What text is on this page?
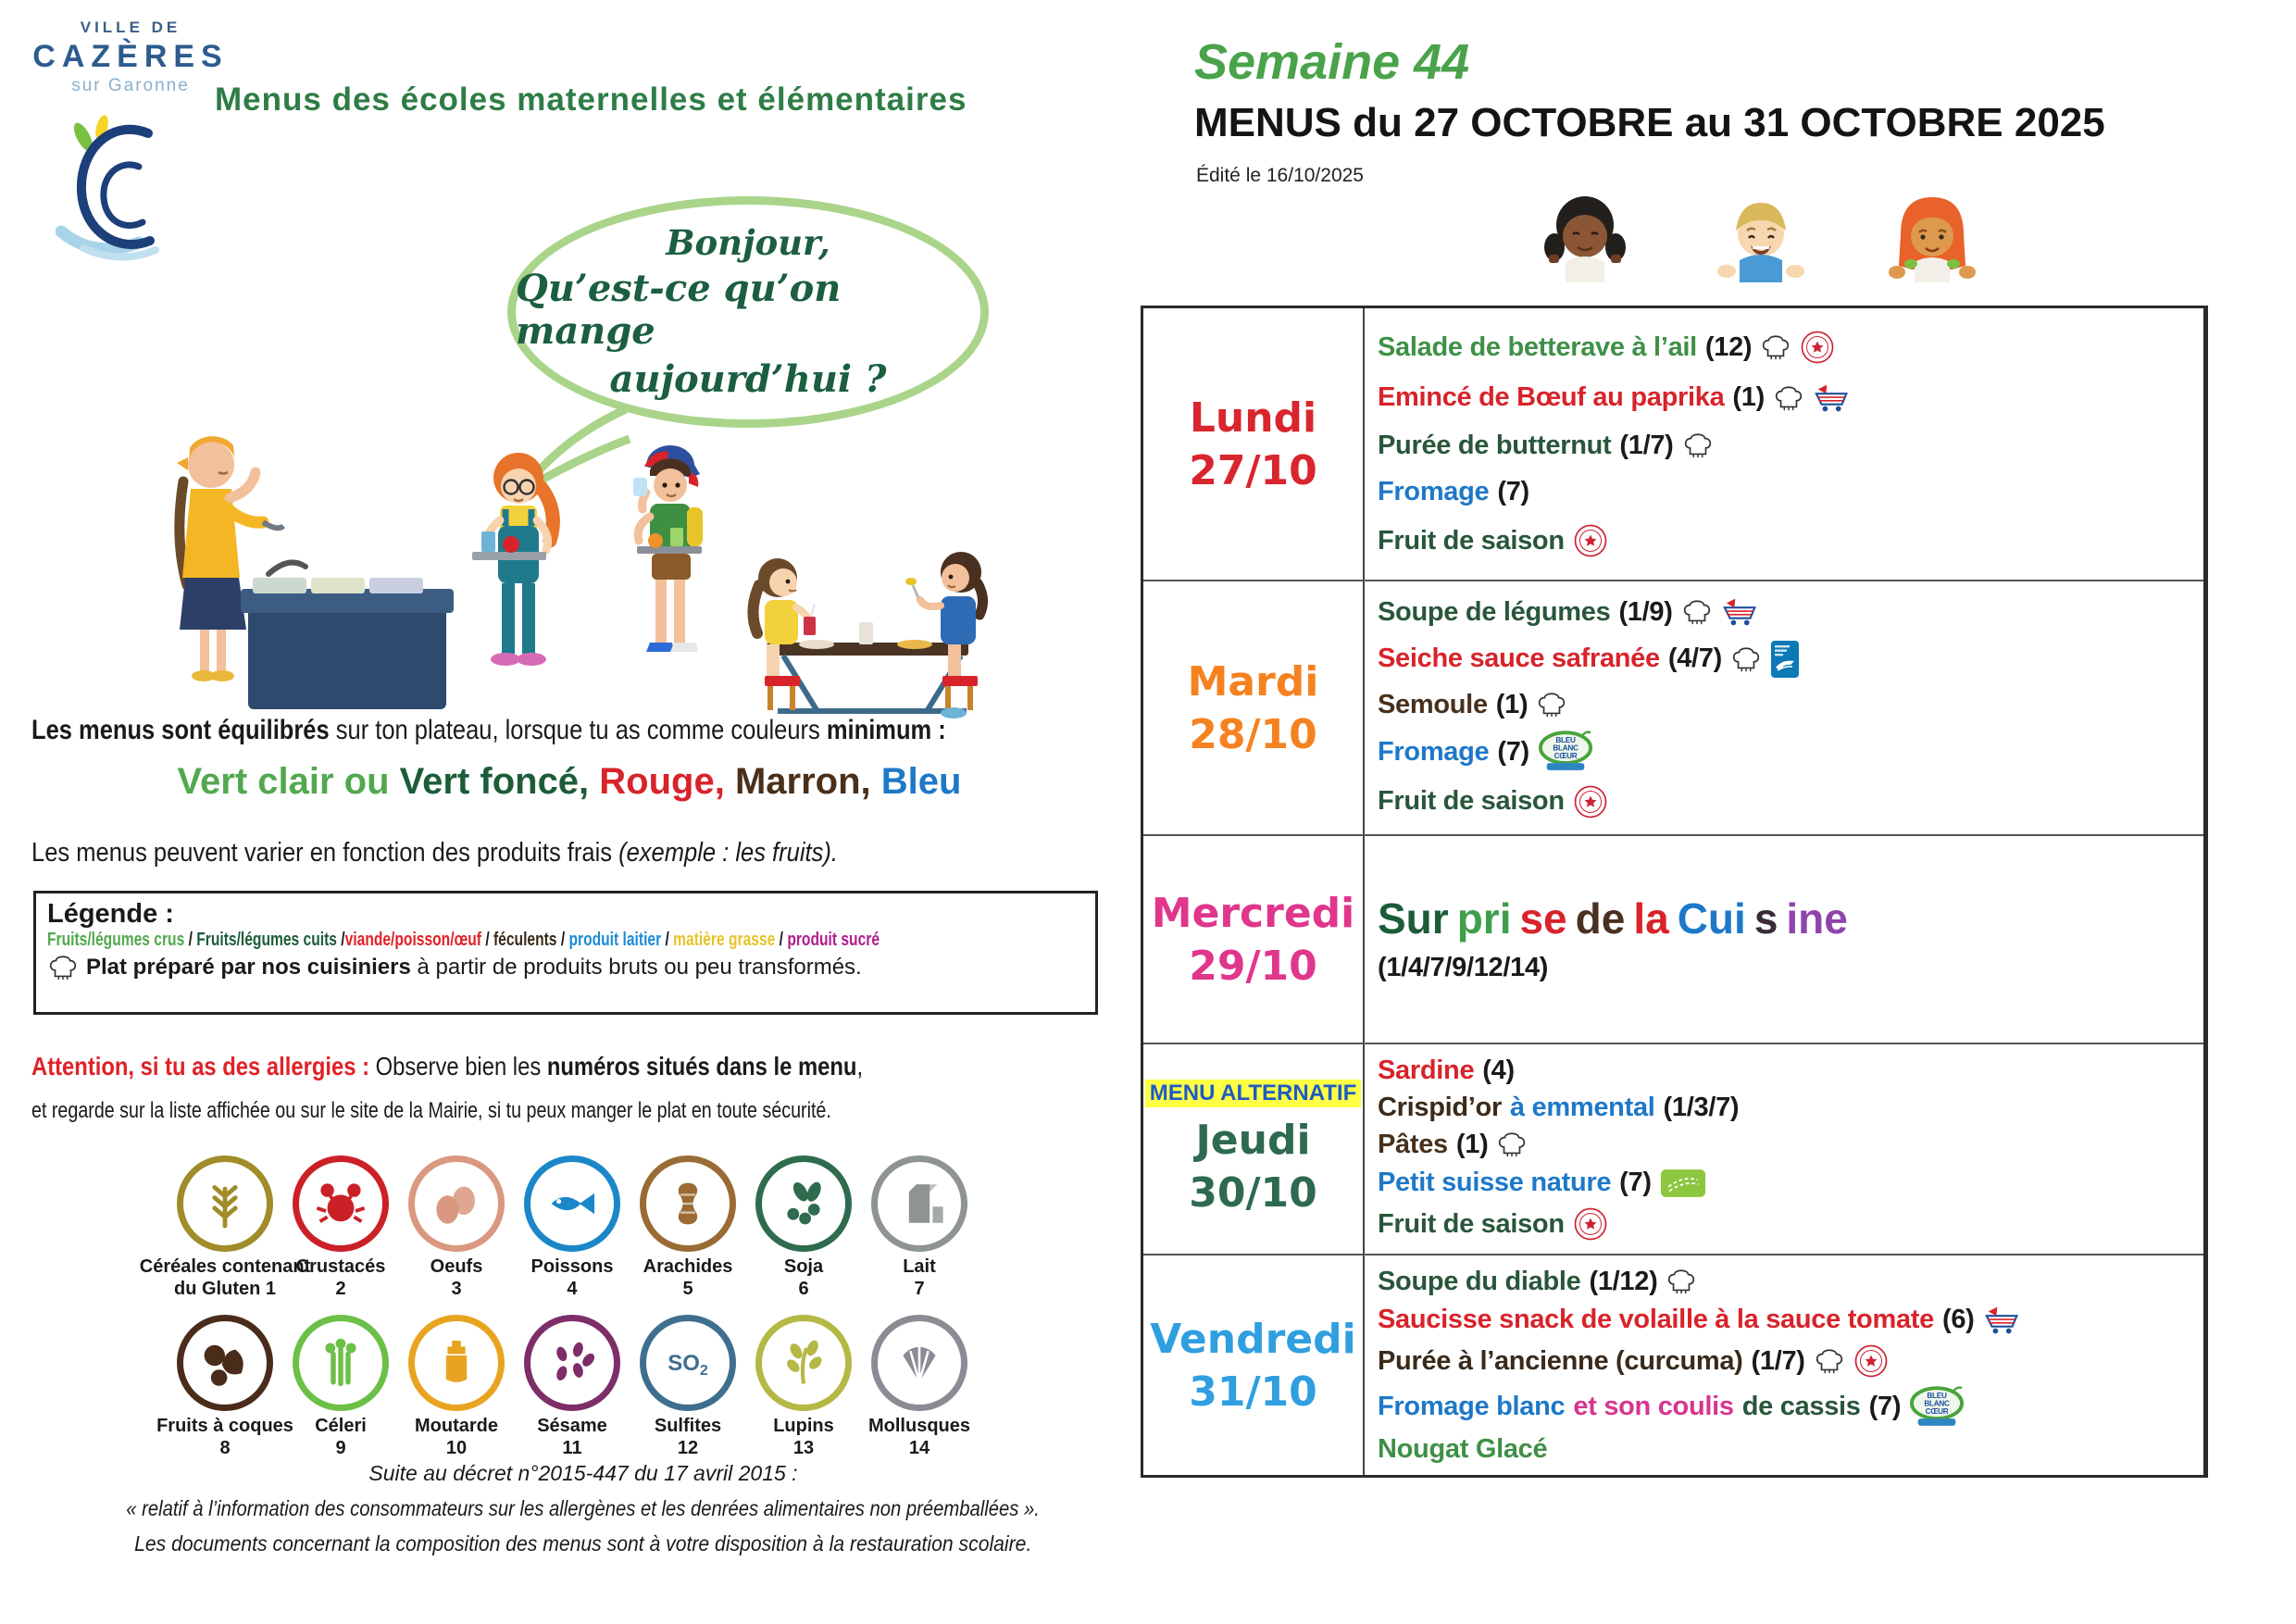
VILLE DE
CAZÈRES
sur Garonne Menus des écoles maternelles et élémentaires
Semaine 44
MENUS du 27 OCTOBRE au 31 OCTOBRE 2025
Édité le 16/10/2025
Bonjour,
Qu’est-ce qu’on mange
aujourd’hui ?
Les menus sont équilibrés sur ton plateau, lorsque tu as comme couleurs minimum :
Vert clair ou Vert foncé, Rouge, Marron, Bleu
Les menus peuvent varier en fonction des produits frais (exemple : les fruits).
Légende :
Fruits/légumes crus / Fruits/légumes cuits /viande/poisson/œuf / féculents / produit laitier / matière grasse / produit sucré
Plat préparé par nos cuisiniers à partir de produits bruts ou peu transformés.
Attention, si tu as des allergies : Observe bien les numéros situés dans le menu,
et regarde sur la liste affichée ou sur le site de la Mairie, si tu peux manger le plat en toute sécurité.
Céréales contenant
du Gluten 1
Crustacés
2
Oeufs
3
Poissons
4
Arachides
5
Soja
6
Lait
7
Fruits à coques
8
Céleri
9
Moutarde
10
Sésame
11
$SO_2$
Sulfites
12
Lupins
13
Mollusques
14
Suite au décret n°2015-447 du 17 avril 2015 :
« relatif à l’information des consommateurs sur les allergènes et les denrées alimentaires non préemballées ».
Les documents concernant la composition des menus sont à votre disposition à la restauration scolaire.
Lundi
27/10
Salade de betterave à l’ail (12)
Emincé de Bœuf au paprika (1)
Purée de butternut (1/7)
Fromage (7)
Fruit de saison
Mardi
28/10
Soupe de légumes (1/9)
Seiche sauce safranée (4/7)
Semoule (1)
Fromage (7)	BLEU
BLANC
CŒUR
Fruit de saison
Mercredi
29/10
Sur pri se de la Cui s ine
(1/4/7/9/12/14)
MENU ALTERNATIF
Jeudi
30/10
Sardine (4)
Crispid’or à emmental (1/3/7)
Pâtes (1)
Petit suisse nature (7)
Fruit de saison
Vendredi
31/10
Soupe du diable (1/12)
Saucisse snack de volaille à la sauce tomate (6)
Purée à l’ancienne (curcuma) (1/7)
Fromage blanc et son coulis de cassis (7)	BLEU
BLANC
CŒUR
Nougat Glacé
